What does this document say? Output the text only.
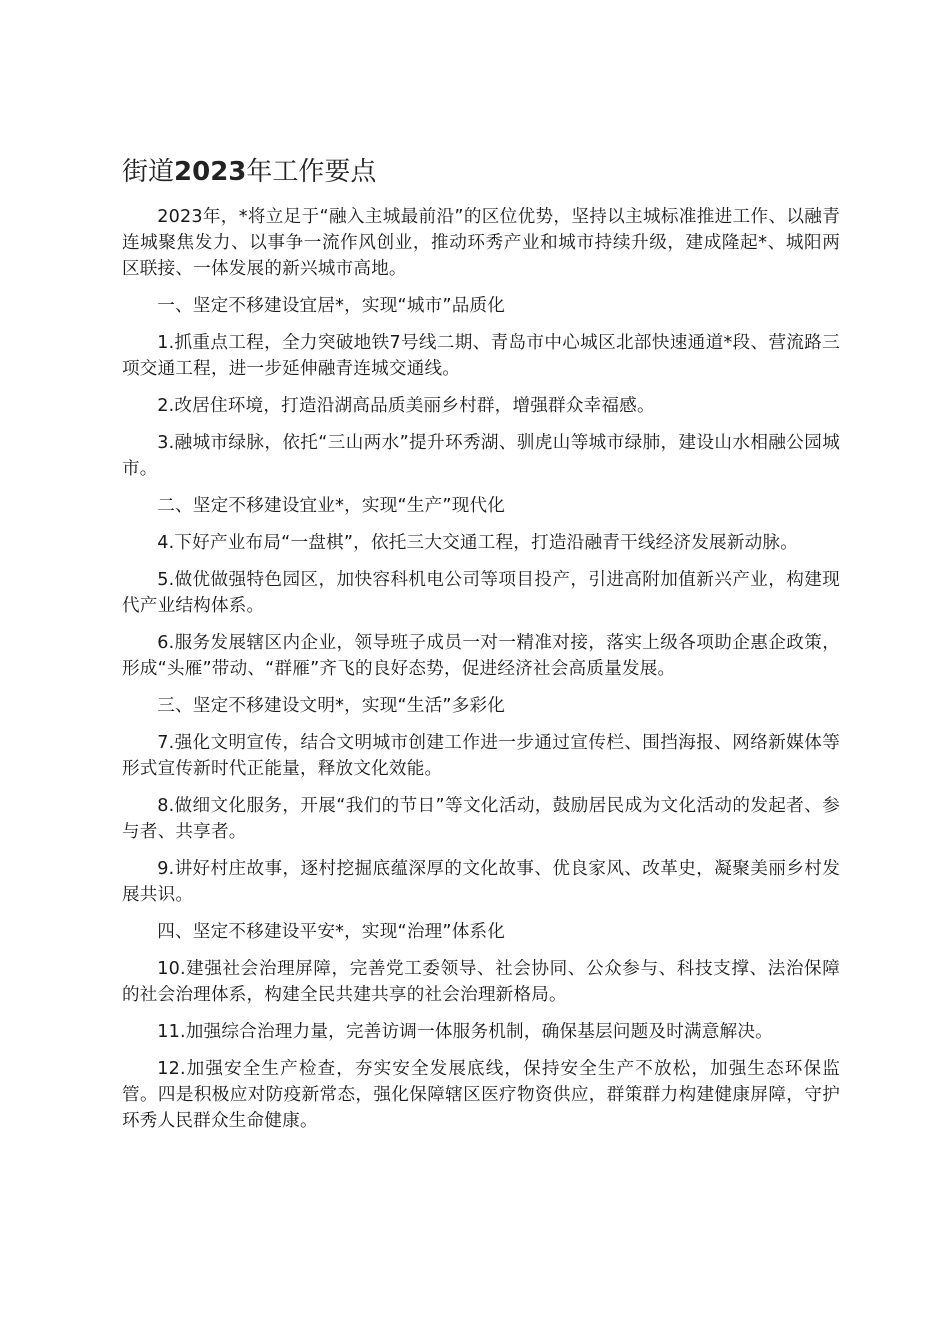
街道2023年工作要点

2023年，*将立足于“融入主城最前沿”的区位优势，坚持以主城标准推进工作、以融青连城聚焦发力、以事争一流作风创业，推动环秀产业和城市持续升级，建成隆起*、城阳两区联接、一体发展的新兴城市高地。

一、坚定不移建设宜居*，实现“城市”品质化

1.抓重点工程，全力突破地铁7号线二期、青岛市中心城区北部快速通道*段、营流路三项交通工程，进一步延伸融青连城交通线。

2.改居住环境，打造沿湖高品质美丽乡村群，增强群众幸福感。

3.融城市绿脉，依托“三山两水”提升环秀湖、驯虎山等城市绿肺，建设山水相融公园城市。

二、坚定不移建设宜业*，实现“生产”现代化

4.下好产业布局“一盘棋”，依托三大交通工程，打造沿融青干线经济发展新动脉。

5.做优做强特色园区，加快容科机电公司等项目投产，引进高附加值新兴产业，构建现代产业结构体系。

6.服务发展辖区内企业，领导班子成员一对一精准对接，落实上级各项助企惠企政策，形成“头雁”带动、“群雁”齐飞的良好态势，促进经济社会高质量发展。

三、坚定不移建设文明*，实现“生活”多彩化

7.强化文明宣传，结合文明城市创建工作进一步通过宣传栏、围挡海报、网络新媒体等形式宣传新时代正能量，释放文化效能。

8.做细文化服务，开展“我们的节日”等文化活动，鼓励居民成为文化活动的发起者、参与者、共享者。

9.讲好村庄故事，逐村挖掘底蕴深厚的文化故事、优良家风、改革史，凝聚美丽乡村发展共识。

四、坚定不移建设平安*，实现“治理”体系化

10.建强社会治理屏障，完善党工委领导、社会协同、公众参与、科技支撑、法治保障的社会治理体系，构建全民共建共享的社会治理新格局。

11.加强综合治理力量，完善访调一体服务机制，确保基层问题及时满意解决。

12.加强安全生产检查，夯实安全发展底线，保持安全生产不放松，加强生态环保监管。四是积极应对防疫新常态，强化保障辖区医疗物资供应，群策群力构建健康屏障，守护环秀人民群众生命健康。
